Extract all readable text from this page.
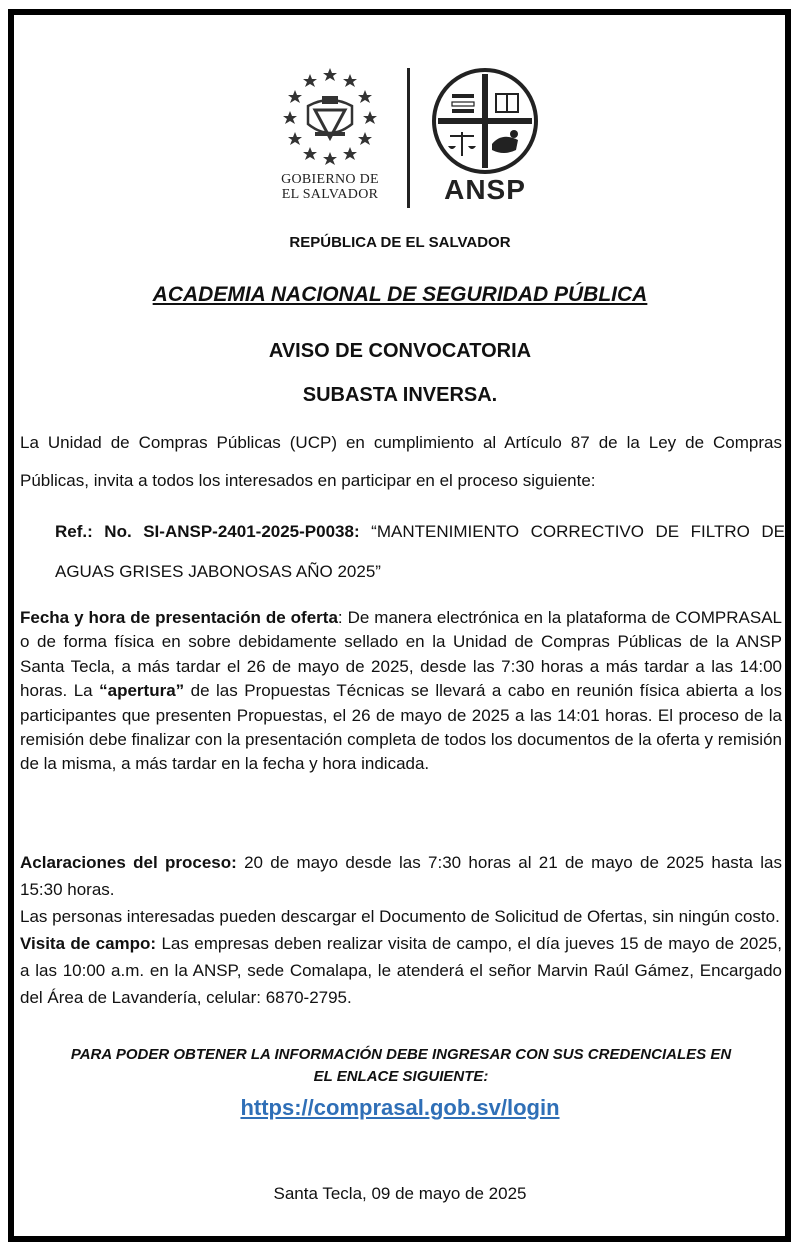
GOBIERNO DE
EL SALVADOR	ANSP
REPÚBLICA DE EL SALVADOR
ACADEMIA NACIONAL DE SEGURIDAD PÚBLICA
AVISO DE CONVOCATORIA
SUBASTA INVERSA.
La Unidad de Compras Públicas (UCP) en cumplimiento al Artículo 87 de la Ley de Compras Públicas, invita a todos los interesados en participar en el proceso siguiente:
Ref.: No. SI-ANSP-2401-2025-P0038: “MANTENIMIENTO CORRECTIVO DE FILTRO DE AGUAS GRISES JABONOSAS AÑO 2025”
Fecha y hora de presentación de oferta: De manera electrónica en la plataforma de COMPRASAL o de forma física en sobre debidamente sellado en la Unidad de Compras Públicas de la ANSP Santa Tecla, a más tardar el 26 de mayo de 2025, desde las 7:30 horas a más tardar a las 14:00 horas. La “apertura” de las Propuestas Técnicas se llevará a cabo en reunión física abierta a los participantes que presenten Propuestas, el 26 de mayo de 2025 a las 14:01 horas. El proceso de la remisión debe finalizar con la presentación completa de todos los documentos de la oferta y remisión de la misma, a más tardar en la fecha y hora indicada.
Aclaraciones del proceso: 20 de mayo desde las 7:30 horas al 21 de mayo de 2025 hasta las 15:30 horas.
Las personas interesadas pueden descargar el Documento de Solicitud de Ofertas, sin ningún costo.
Visita de campo: Las empresas deben realizar visita de campo, el día jueves 15 de mayo de 2025, a las 10:00 a.m. en la ANSP, sede Comalapa, le atenderá el señor Marvin Raúl Gámez, Encargado del Área de Lavandería, celular: 6870-2795.
PARA PODER OBTENER LA INFORMACIÓN DEBE INGRESAR CON SUS CREDENCIALES EN
EL ENLACE SIGUIENTE:
https://comprasal.gob.sv/login
Santa Tecla, 09 de mayo de 2025
